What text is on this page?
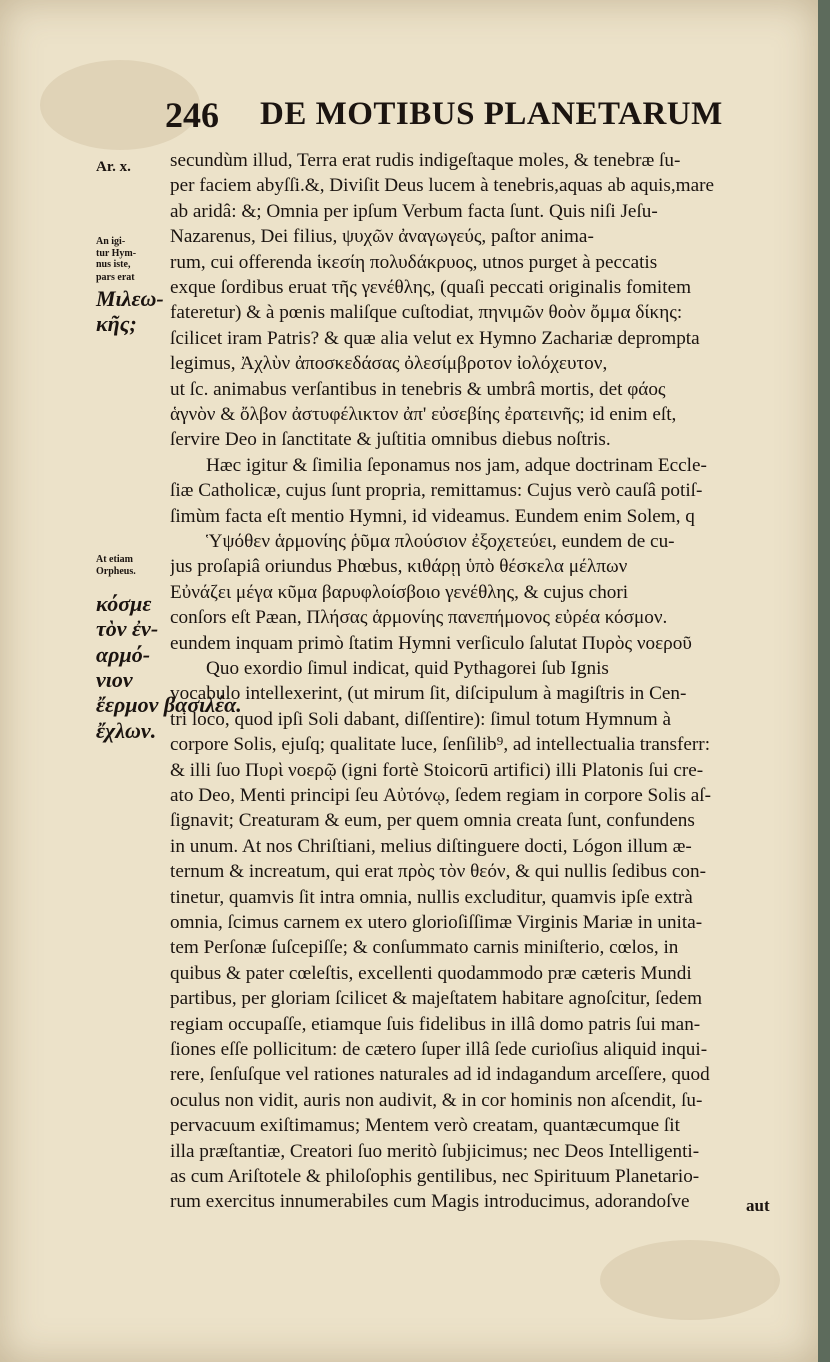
246 DE MOTIBUS PLANETARUM
Ar. x.
An igi-
tur Hym-
nus iste,
pars erat
Μιλεω-
κῆς;
At etiam
Orpheus.
κόσμε
τὸν ἐν-
αρμό-
νιον
ἔερμον βασιλέα.
ἔχλων.
secundùm illud, Terra erat rudis indigeſtaque moles, & tenebræ ſu-
per faciem abyſſi.&, Diviſit Deus lucem à tenebris,aquas ab aquis,mare
ab aridâ: &; Omnia per ipſum Verbum facta ſunt. Quis niſi Jeſu-
Nazarenus, Dei filius, ψυχῶν ἀναγωγεύς, paſtor anima-
rum, cui offerenda ἱκεσίη πολυδάκρυος, utnos purget à peccatis
exque ſordibus eruat τῆς γενέθλης, (quaſi peccati originalis fomitem
fateretur) & à pœnis maliſque cuſtodiat, πηνιμῶν θοὸν ὄμμα δίκης:
ſcilicet iram Patris? & quæ alia velut ex Hymno Zachariæ deprompta
legimus, Ἀχλὺν ἀποσκεδάσας ὀλεσίμβροτον ἰολόχευτον,
ut ſc. animabus verſantibus in tenebris & umbrâ mortis, det φάος
ἁγνὸν & ὄλβον ἀστυφέλικτον ἀπ' εὐσεβίης ἐρατεινῆς; id enim eſt,
ſervire Deo in ſanctitate & juſtitia omnibus diebus noſtris.
Hæc igitur & ſimilia ſeponamus nos jam, adque doctrinam Eccle-
ſiæ Catholicæ, cujus ſunt propria, remittamus: Cujus verò cauſâ potiſ-
ſimùm facta eſt mentio Hymni, id videamus. Eundem enim Solem, q
Ὑψόθεν ἁρμονίης ῥῦμα πλούσιον ἐξοχετεύει, eundem de cu-
jus proſapiâ oriundus Phœbus, κιθάρῃ ὑπὸ θέσκελα μέλπων
Εὐνάζει μέγα κῦμα βαρυφλοίσβοιο γενέθλης, & cujus chori
conſors eſt Pæan, Πλήσας ἁρμονίης πανεπήμονος εὐρέα κόσμον.
eundem inquam primò ſtatim Hymni verſiculo ſalutat Πυρὸς νοεροῦ
Quo exordio ſimul indicat, quid Pythagorei ſub Ignis
vocabulo intellexerint, (ut mirum ſit, diſcipulum à magiſtris in Cen-
tri loco, quod ipſi Soli dabant, diſſentire): ſimul totum Hymnum à
corpore Solis, ejuſq; qualitate luce, ſenſilib⁹, ad intellectualia transferr:
& illi ſuo Πυρὶ νοερῷ (igni fortè Stoicorū artifici) illi Platonis ſui cre-
ato Deo, Menti principi ſeu Αὐτόνῳ, ſedem regiam in corpore Solis aſ-
ſignavit; Creaturam & eum, per quem omnia creata ſunt, confundens
in unum. At nos Chriſtiani, melius diſtinguere docti, Lógon illum æ-
ternum & increatum, qui erat πρὸς τὸν θεόν, & qui nullis ſedibus con-
tinetur, quamvis ſit intra omnia, nullis excluditur, quamvis ipſe extrà
omnia, ſcimus carnem ex utero glorioſiſſimæ Virginis Mariæ in unita-
tem Perſonæ ſuſcepiſſe; & conſummato carnis miniſterio, cœlos, in
quibus & pater cœleſtis, excellenti quodammodo præ cæteris Mundi
partibus, per gloriam ſcilicet & majeſtatem habitare agnoſcitur, ſedem
regiam occupaſſe, etiamque ſuis fidelibus in illâ domo patris ſui man-
ſiones eſſe pollicitum: de cætero ſuper illâ ſede curioſius aliquid inqui-
rere, ſenſuſque vel rationes naturales ad id indagandum arceſſere, quod
oculus non vidit, auris non audivit, & in cor hominis non aſcendit, ſu-
pervacuum exiſtimamus; Mentem verò creatam, quantæcumque ſit
illa præſtantiæ, Creatori ſuo meritò ſubjicimus; nec Deos Intelligenti-
as cum Ariſtotele & philoſophis gentilibus, nec Spirituum Planetario-
rum exercitus innumerabiles cum Magis introducimus, adorandoſve	aut
